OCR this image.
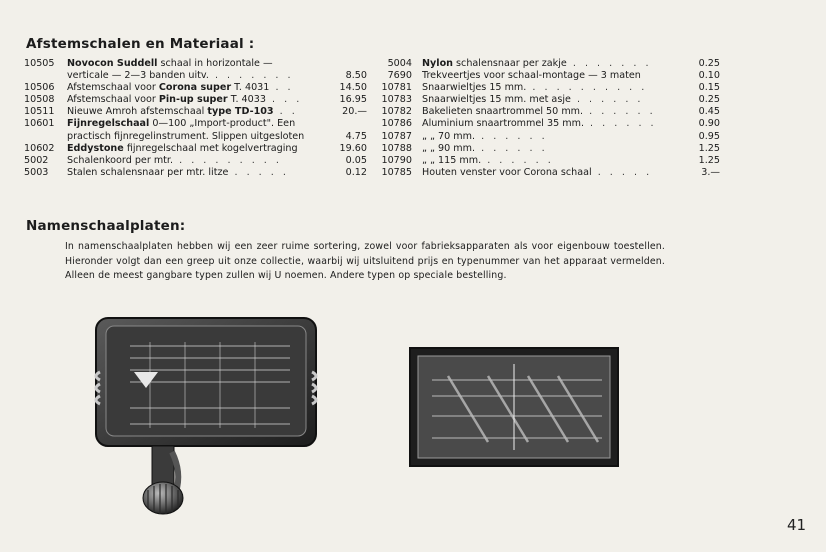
Afstemschalen en Materiaal :
10505	Novocon Suddell schaal in horizontale —	
	verticale — 2—3 banden uitv. . . . . . . .	8.50
10506	Afstemschaal voor Corona super T. 4031 . .	14.50
10508	Afstemschaal voor Pin-up super T. 4033 . . .	16.95
10511	Nieuwe Amroh afstemschaal type TD-103 . .	20.—
10601	Fijnregelschaal 0—100 „Import-product". Een	
	practisch fijnregelinstrument. Slippen uitgesloten	4.75
10602	Eddystone fijnregelschaal met kogelvertraging	19.60
5002	Schalenkoord per mtr. . . . . . . . . .	0.05
5003	Stalen schalensnaar per mtr. litze . . . . .	0.12
5004	Nylon schalensnaar per zakje . . . . . . .	0.25
7690	Trekveertjes voor schaal-montage — 3 maten	0.10
10781	Snaarwieltjes 15 mm. . . . . . . . . . .	0.15
10783	Snaarwieltjes 15 mm. met asje . . . . . .	0.25
10782	Bakelieten snaartrommel 50 mm. . . . . . .	0.45
10786	Aluminium snaartrommel 35 mm. . . . . . .	0.90
10787	„ „ 70 mm. . . . . . .	0.95
10788	„ „ 90 mm. . . . . . .	1.25
10790	„ „ 115 mm. . . . . . .	1.25
10785	Houten venster voor Corona schaal . . . . .	3.—
Namenschaalplaten:
In namenschaalplaten hebben wij een zeer ruime sortering, zowel voor fabrieksapparaten als voor eigenbouw toestellen. Hieronder volgt dan een greep uit onze collectie, waarbij wij uitsluitend prijs en typenummer van het apparaat vermelden. Alleen de meest gangbare typen zullen wij U noemen. Andere typen op speciale bestelling.
41
